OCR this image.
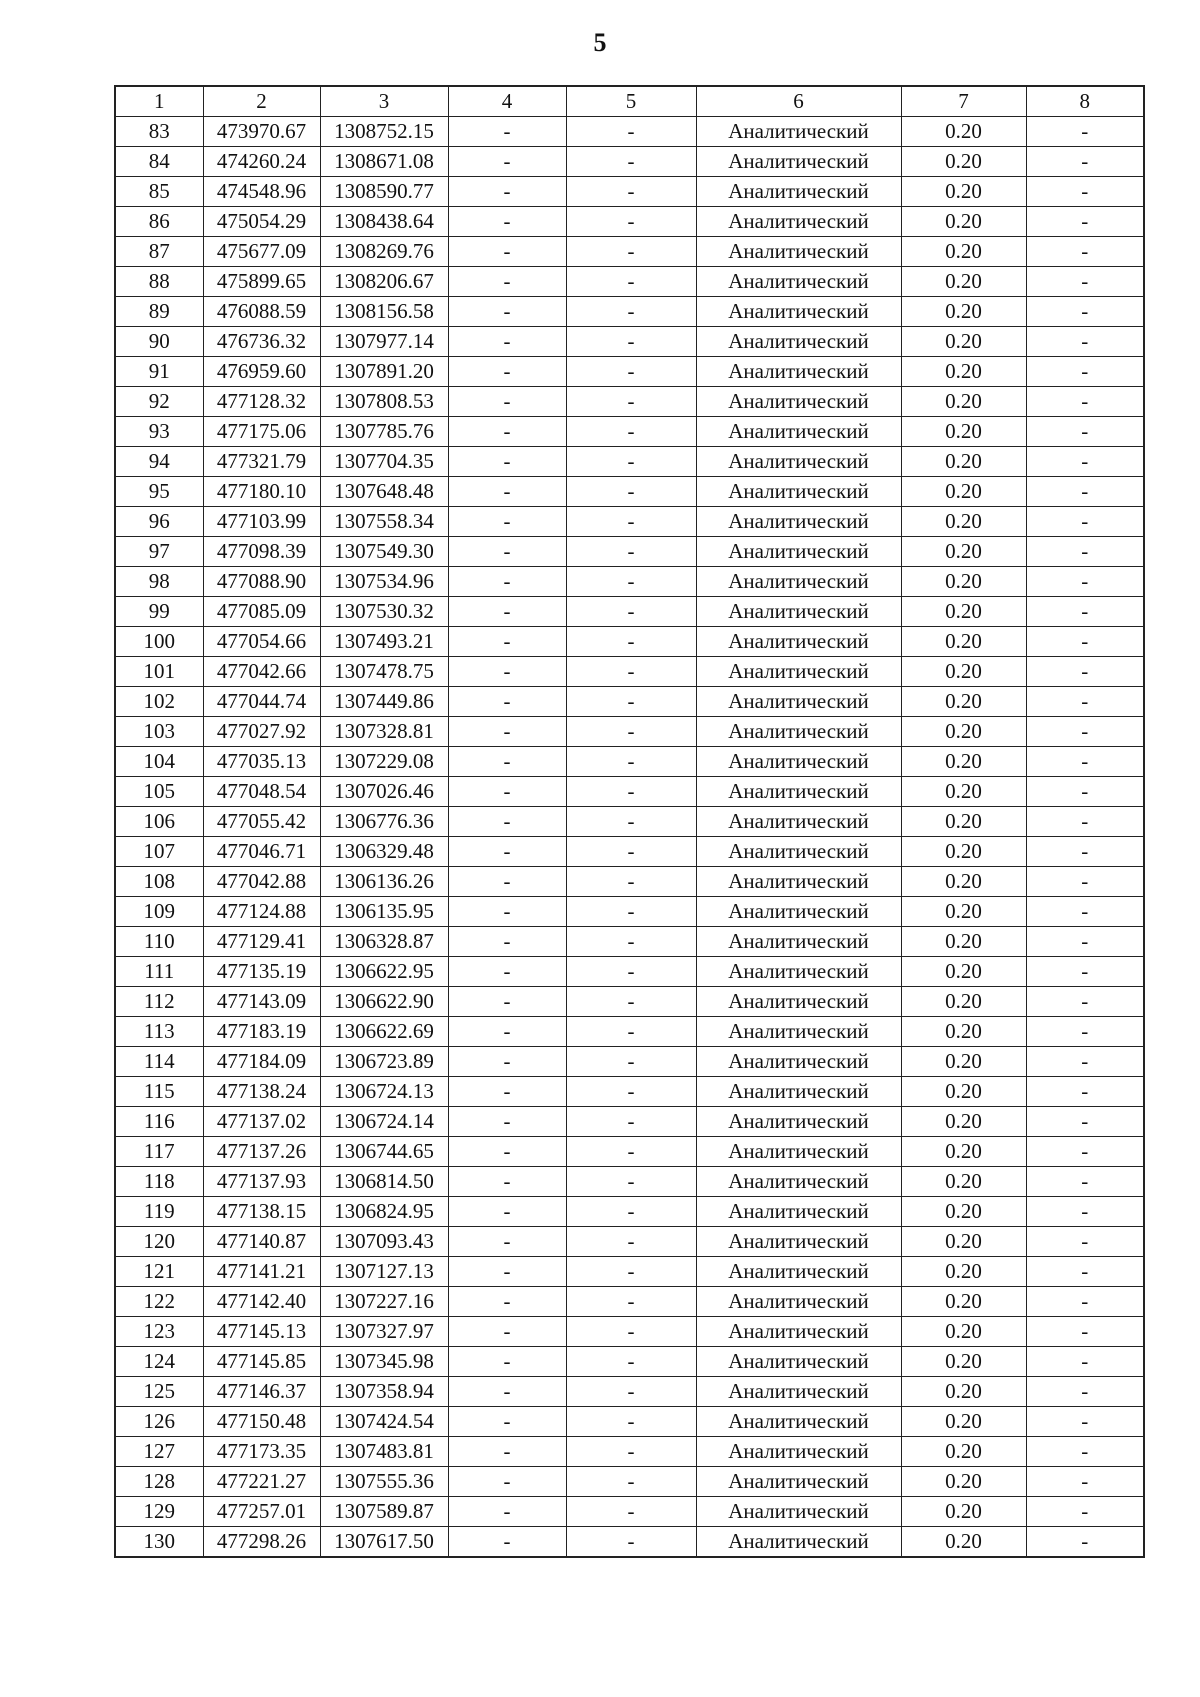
5
1	2	3	4	5	6	7	8
83	473970.67	1308752.15	-	-	Аналитический	0.20	-
84	474260.24	1308671.08	-	-	Аналитический	0.20	-
85	474548.96	1308590.77	-	-	Аналитический	0.20	-
86	475054.29	1308438.64	-	-	Аналитический	0.20	-
87	475677.09	1308269.76	-	-	Аналитический	0.20	-
88	475899.65	1308206.67	-	-	Аналитический	0.20	-
89	476088.59	1308156.58	-	-	Аналитический	0.20	-
90	476736.32	1307977.14	-	-	Аналитический	0.20	-
91	476959.60	1307891.20	-	-	Аналитический	0.20	-
92	477128.32	1307808.53	-	-	Аналитический	0.20	-
93	477175.06	1307785.76	-	-	Аналитический	0.20	-
94	477321.79	1307704.35	-	-	Аналитический	0.20	-
95	477180.10	1307648.48	-	-	Аналитический	0.20	-
96	477103.99	1307558.34	-	-	Аналитический	0.20	-
97	477098.39	1307549.30	-	-	Аналитический	0.20	-
98	477088.90	1307534.96	-	-	Аналитический	0.20	-
99	477085.09	1307530.32	-	-	Аналитический	0.20	-
100	477054.66	1307493.21	-	-	Аналитический	0.20	-
101	477042.66	1307478.75	-	-	Аналитический	0.20	-
102	477044.74	1307449.86	-	-	Аналитический	0.20	-
103	477027.92	1307328.81	-	-	Аналитический	0.20	-
104	477035.13	1307229.08	-	-	Аналитический	0.20	-
105	477048.54	1307026.46	-	-	Аналитический	0.20	-
106	477055.42	1306776.36	-	-	Аналитический	0.20	-
107	477046.71	1306329.48	-	-	Аналитический	0.20	-
108	477042.88	1306136.26	-	-	Аналитический	0.20	-
109	477124.88	1306135.95	-	-	Аналитический	0.20	-
110	477129.41	1306328.87	-	-	Аналитический	0.20	-
111	477135.19	1306622.95	-	-	Аналитический	0.20	-
112	477143.09	1306622.90	-	-	Аналитический	0.20	-
113	477183.19	1306622.69	-	-	Аналитический	0.20	-
114	477184.09	1306723.89	-	-	Аналитический	0.20	-
115	477138.24	1306724.13	-	-	Аналитический	0.20	-
116	477137.02	1306724.14	-	-	Аналитический	0.20	-
117	477137.26	1306744.65	-	-	Аналитический	0.20	-
118	477137.93	1306814.50	-	-	Аналитический	0.20	-
119	477138.15	1306824.95	-	-	Аналитический	0.20	-
120	477140.87	1307093.43	-	-	Аналитический	0.20	-
121	477141.21	1307127.13	-	-	Аналитический	0.20	-
122	477142.40	1307227.16	-	-	Аналитический	0.20	-
123	477145.13	1307327.97	-	-	Аналитический	0.20	-
124	477145.85	1307345.98	-	-	Аналитический	0.20	-
125	477146.37	1307358.94	-	-	Аналитический	0.20	-
126	477150.48	1307424.54	-	-	Аналитический	0.20	-
127	477173.35	1307483.81	-	-	Аналитический	0.20	-
128	477221.27	1307555.36	-	-	Аналитический	0.20	-
129	477257.01	1307589.87	-	-	Аналитический	0.20	-
130	477298.26	1307617.50	-	-	Аналитический	0.20	-
